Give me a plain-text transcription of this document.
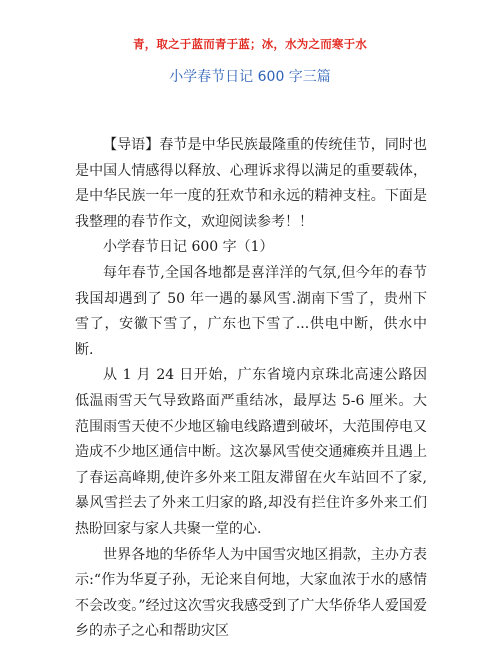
青，取之于蓝而青于蓝；冰，水为之而寒于水
小学春节日记 600 字三篇

【导语】春节是中华民族最隆重的传统佳节，同时也是中国人情感得以释放、心理诉求得以满足的重要载体，是中华民族一年一度的狂欢节和永远的精神支柱。下面是我整理的春节作文，欢迎阅读参考！！

小学春节日记 600 字（1）

每年春节,全国各地都是喜洋洋的气氛,但今年的春节我国却遇到了 50 年一遇的暴风雪.湖南下雪了，贵州下雪了，安徽下雪了，广东也下雪了...供电中断，供水中断.

从 1 月 24 日开始，广东省境内京珠北高速公路因低温雨雪天气导致路面严重结冰，最厚达 5-6 厘米。大范围雨雪天使不少地区输电线路遭到破坏，大范围停电又造成不少地区通信中断。这次暴风雪使交通瘫痪并且遇上了春运高峰期,使许多外来工阻友滞留在火车站回不了家,暴风雪拦去了外来工归家的路,却没有拦住许多外来工们热盼回家与家人共聚一堂的心.

世界各地的华侨华人为中国雪灾地区捐款，主办方表示:“作为华夏子孙，无论来自何地，大家血浓于水的感情不会改变。”经过这次雪灾我感受到了广大华侨华人爱国爱乡的赤子之心和帮助灾区
